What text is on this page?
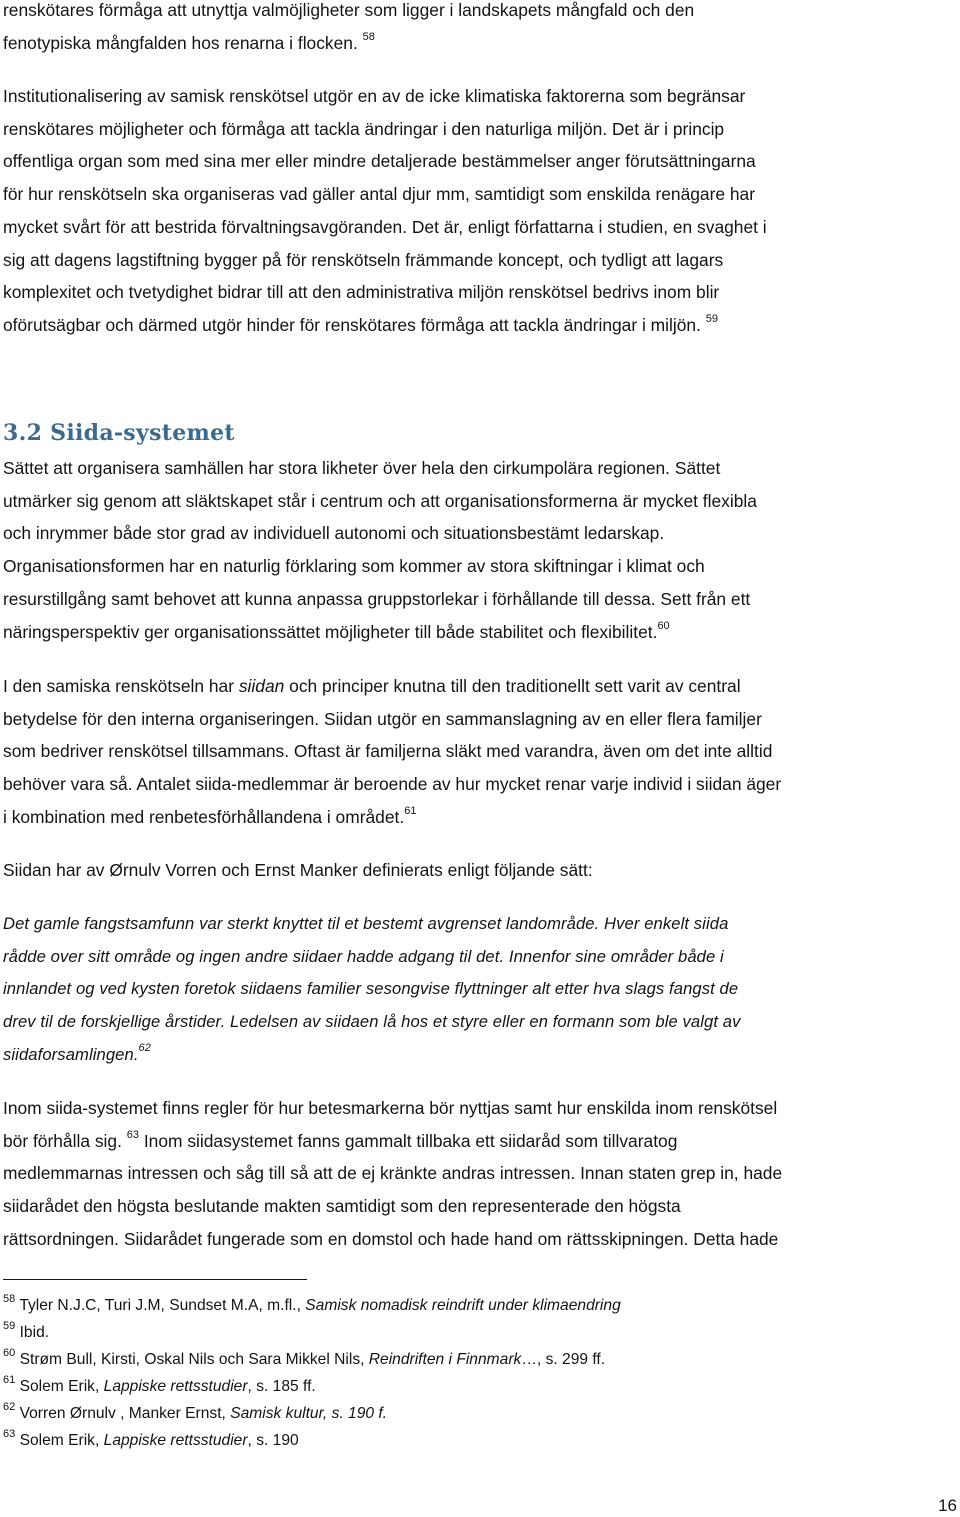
renskötares förmåga att utnyttja valmöjligheter som ligger i landskapets mångfald och den
fenotypiska mångfalden hos renarna i flocken. $^{58}$
Institutionalisering av samisk renskötsel utgör en av de icke klimatiska faktorerna som begränsar
renskötares möjligheter och förmåga att tackla ändringar i den naturliga miljön. Det är i princip
offentliga organ som med sina mer eller mindre detaljerade bestämmelser anger förutsättningarna
för hur renskötseln ska organiseras vad gäller antal djur mm, samtidigt som enskilda renägare har
mycket svårt för att bestrida förvaltningsavgöranden. Det är, enligt författarna i studien, en svaghet i
sig att dagens lagstiftning bygger på för renskötseln främmande koncept, och tydligt att lagars
komplexitet och tvetydighet bidrar till att den administrativa miljön renskötsel bedrivs inom blir
oförutsägbar och därmed utgör hinder för renskötares förmåga att tackla ändringar i miljön. $^{59}$
3.2 Siida-systemet
Sättet att organisera samhällen har stora likheter över hela den cirkumpolära regionen. Sättet
utmärker sig genom att släktskapet står i centrum och att organisationsformerna är mycket flexibla
och inrymmer både stor grad av individuell autonomi och situationsbestämt ledarskap.
Organisationsformen har en naturlig förklaring som kommer av stora skiftningar i klimat och
resurstillgång samt behovet att kunna anpassa gruppstorlekar i förhållande till dessa. Sett från ett
näringsperspektiv ger organisationssättet möjligheter till både stabilitet och flexibilitet.$^{60}$
I den samiska renskötseln har siidan och principer knutna till den traditionellt sett varit av central
betydelse för den interna organiseringen. Siidan utgör en sammanslagning av en eller flera familjer
som bedriver renskötsel tillsammans. Oftast är familjerna släkt med varandra, även om det inte alltid
behöver vara så. Antalet siida-medlemmar är beroende av hur mycket renar varje individ i siidan äger
i kombination med renbetesförhållandena i området.$^{61}$
Siidan har av Ørnulv Vorren och Ernst Manker definierats enligt följande sätt:
Det gamle fangstsamfunn var sterkt knyttet til et bestemt avgrenset landområde. Hver enkelt siida
rådde over sitt område og ingen andre siidaer hadde adgang til det. Innenfor sine områder både i
innlandet og ved kysten foretok siidaens familier sesongvise flyttninger alt etter hva slags fangst de
drev til de forskjellige årstider. Ledelsen av siidaen lå hos et styre eller en formann som ble valgt av
siidaforsamlingen.$^{62}$
Inom siida-systemet finns regler för hur betesmarkerna bör nyttjas samt hur enskilda inom renskötsel
bör förhålla sig. $^{63}$ Inom siidasystemet fanns gammalt tillbaka ett siidaråd som tillvaratog
medlemmarnas intressen och såg till så att de ej kränkte andras intressen. Innan staten grep in, hade
siidarådet den högsta beslutande makten samtidigt som den representerade den högsta
rättsordningen. Siidarådet fungerade som en domstol och hade hand om rättsskipningen. Detta hade
$^{58}$ Tyler N.J.C, Turi J.M, Sundset M.A, m.fl., Samisk nomadisk reindrift under klimaendring
$^{59}$ Ibid.
$^{60}$ Strøm Bull, Kirsti, Oskal Nils och Sara Mikkel Nils, Reindriften i Finnmark…, s. 299 ff.
$^{61}$ Solem Erik, Lappiske rettsstudier, s. 185 ff.
$^{62}$ Vorren Ørnulv , Manker Ernst, Samisk kultur, s. 190 f.
$^{63}$ Solem Erik, Lappiske rettsstudier, s. 190
16
